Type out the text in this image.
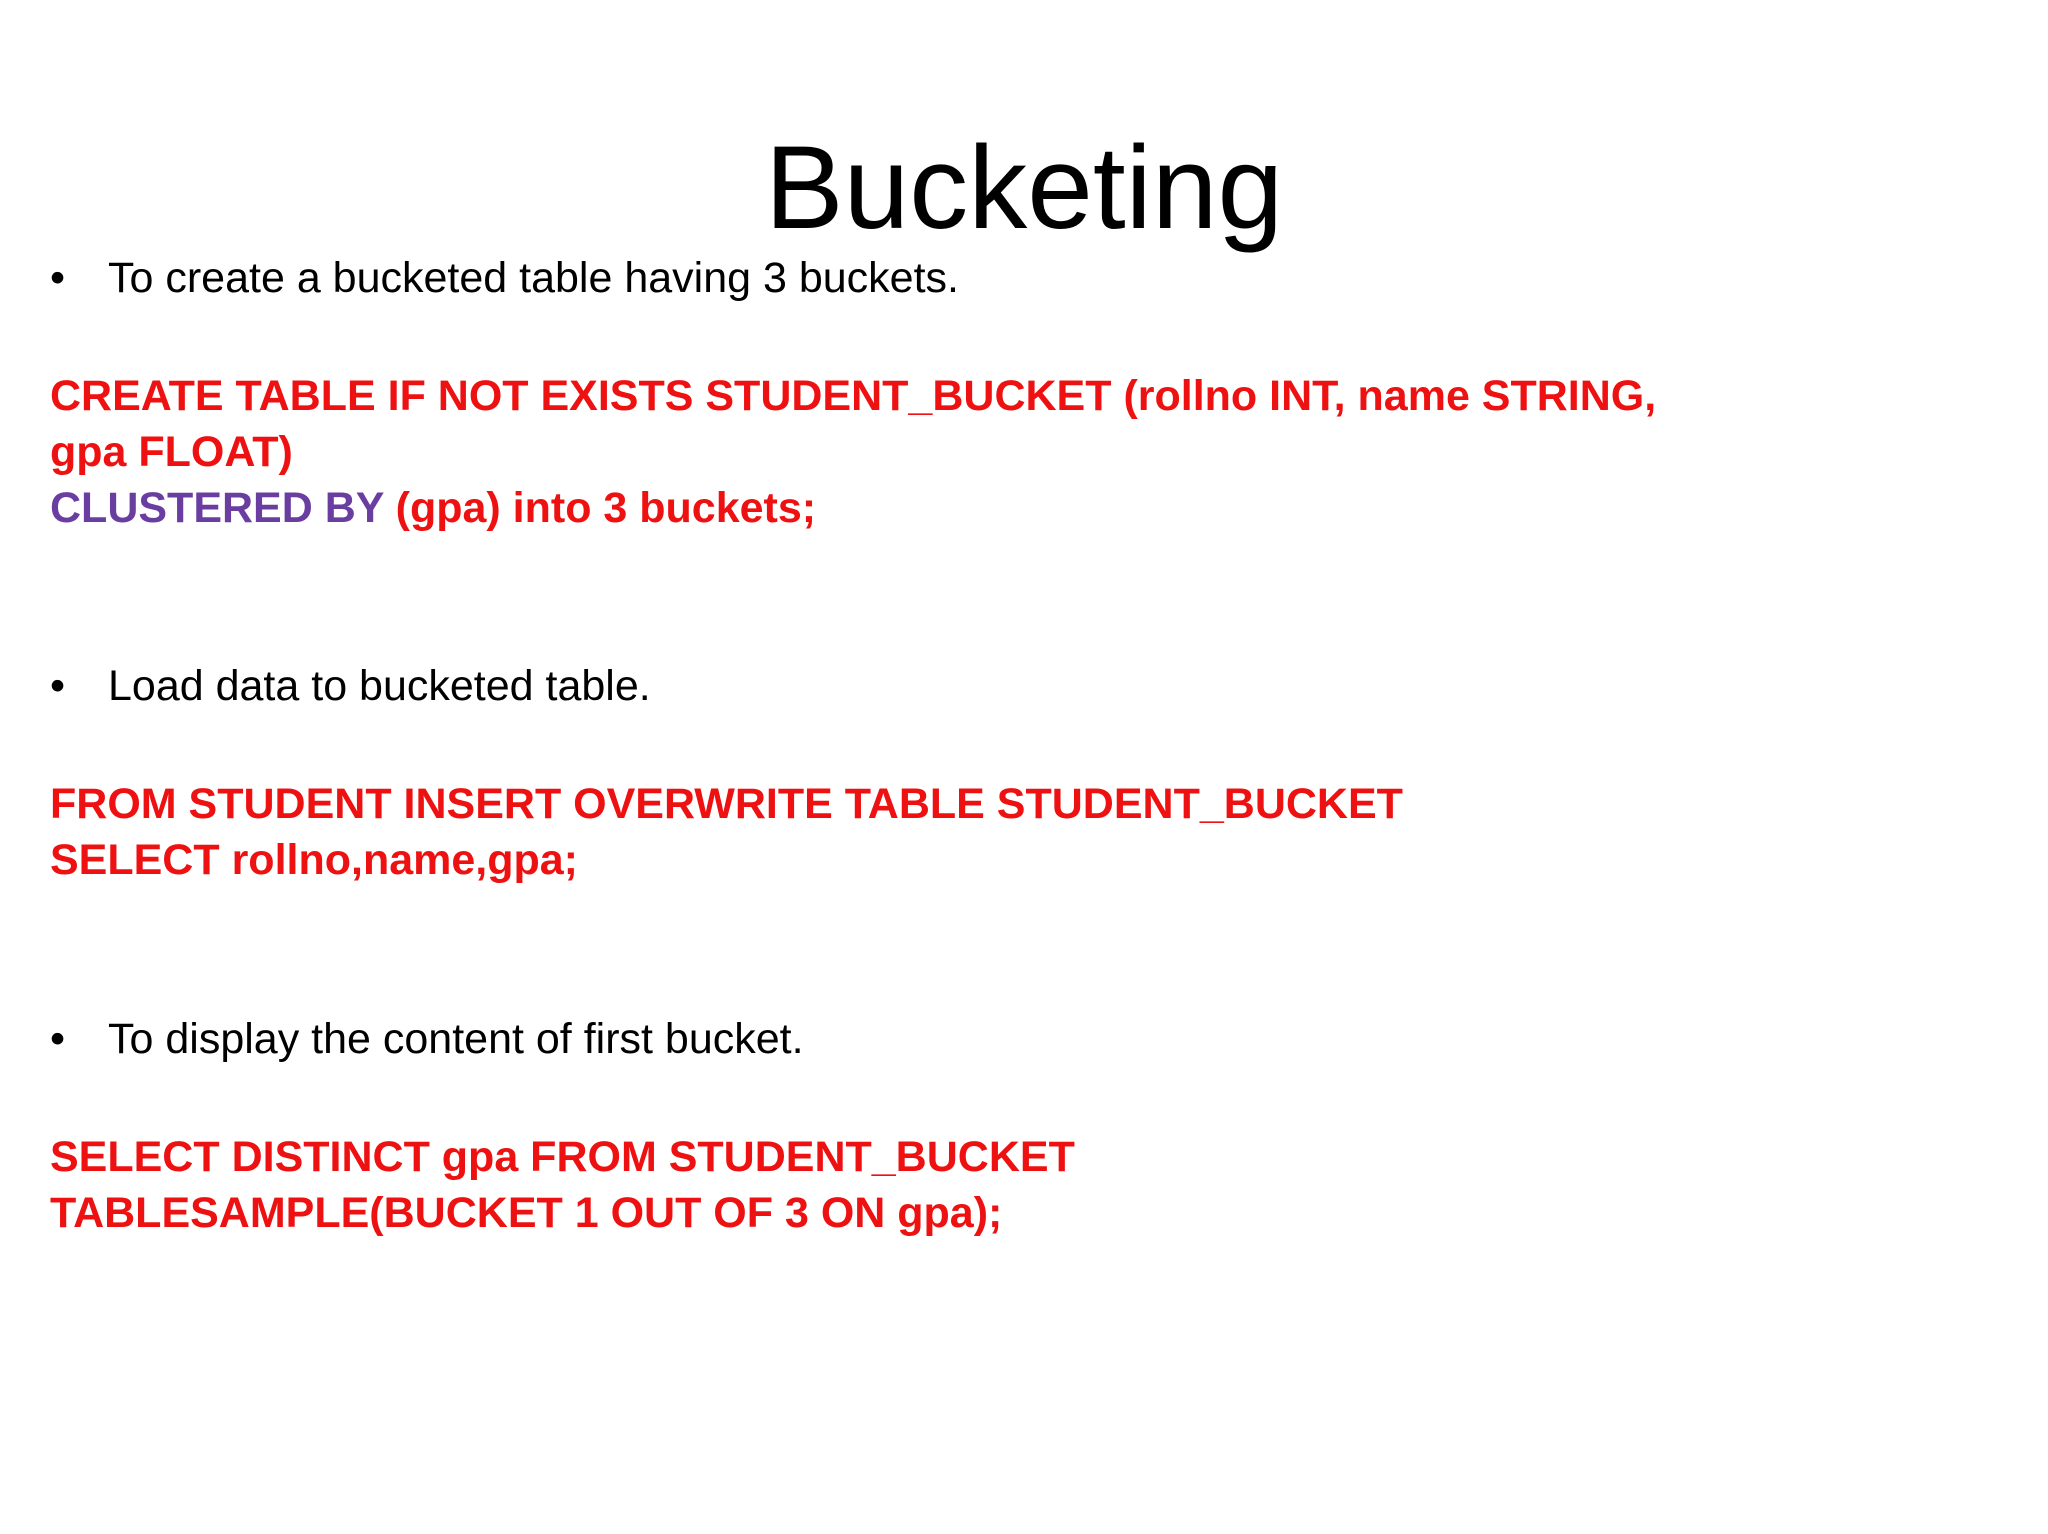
Bucketing
• To create a bucketed table having 3 buckets.
CREATE TABLE IF NOT EXISTS STUDENT_BUCKET (rollno INT, name STRING,
gpa FLOAT)
CLUSTERED BY (gpa) into 3 buckets;
• Load data to bucketed table.
FROM STUDENT INSERT OVERWRITE TABLE STUDENT_BUCKET
SELECT rollno,name,gpa;
• To display the content of first bucket.
SELECT DISTINCT gpa FROM STUDENT_BUCKET
TABLESAMPLE(BUCKET 1 OUT OF 3 ON gpa);
